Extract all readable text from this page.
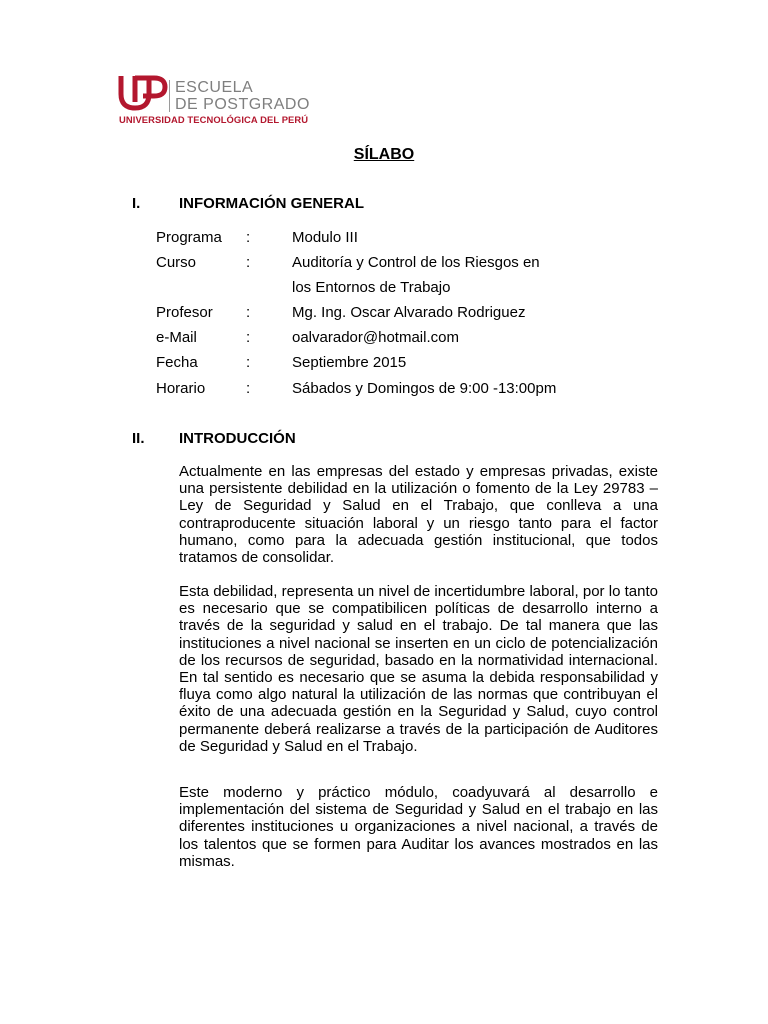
ESCUELA
DE POSTGRADO
UNIVERSIDAD TECNOLÓGICA DEL PERÚ
SÍLABO
I.	INFORMACIÓN GENERAL
Programa :	Modulo III
Curso	:	Auditoría y Control de los Riesgos en
los Entornos de Trabajo
Profesor :	Mg. Ing. Oscar Alvarado Rodriguez
e-Mail	:	oalvarador@hotmail.com
Fecha	:	Septiembre 2015
Horario	:	Sábados y Domingos de 9:00 -13:00pm
II. INTRODUCCIÓN
Actualmente en las empresas del estado y empresas privadas, existe una persistente debilidad en la utilización o fomento de la Ley 29783 – Ley de Seguridad y Salud en el Trabajo, que conlleva a una contraproducente situación laboral y un riesgo tanto para el factor humano, como para la adecuada gestión institucional, que todos tratamos de consolidar.
Esta debilidad, representa un nivel de incertidumbre laboral, por lo tanto es necesario que se compatibilicen políticas de desarrollo interno a través de la seguridad y salud en el trabajo. De tal manera que las instituciones a nivel nacional se inserten en un ciclo de potencialización de los recursos de seguridad, basado en la normatividad internacional. En tal sentido es necesario que se asuma la debida responsabilidad y fluya como algo natural la utilización de las normas que contribuyan el éxito de una adecuada gestión en la Seguridad y Salud, cuyo control permanente deberá realizarse a través de la participación de Auditores de Seguridad y Salud en el Trabajo.
Este moderno y práctico módulo, coadyuvará al desarrollo e implementación del sistema de Seguridad y Salud en el trabajo en las diferentes instituciones u organizaciones a nivel nacional, a través de los talentos que se formen para Auditar los avances mostrados en las mismas.
